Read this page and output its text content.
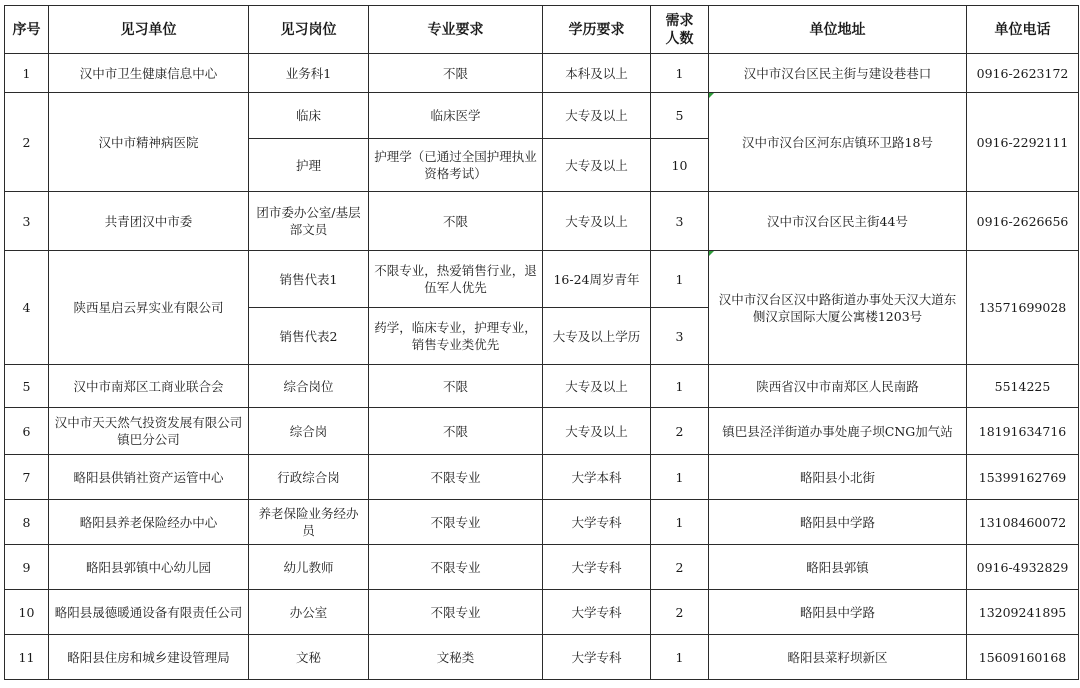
序号	见习单位	见习岗位	专业要求	学历要求	需求人数	单位地址	单位电话
1	汉中市卫生健康信息中心	业务科1	不限	本科及以上	1	汉中市汉台区民主街与建设巷巷口	0916-2623172
2	汉中市精神病医院	临床	临床医学	大专及以上	5	汉中市汉台区河东店镇环卫路18号	0916-2292111
		护理	护理学（已通过全国护理执业资格考试）	大专及以上	10		
3	共青团汉中市委	团市委办公室/基层部文员	不限	大专及以上	3	汉中市汉台区民主街44号	0916-2626656
4	陕西星启云昇实业有限公司	销售代表1	不限专业，热爱销售行业，退伍军人优先	16-24周岁青年	1	汉中市汉台区汉中路街道办事处天汉大道东侧汉京国际大厦公寓楼1203号	13571699028
		销售代表2	药学，临床专业，护理专业，销售专业类优先	大专及以上学历	3		
5	汉中市南郑区工商业联合会	综合岗位	不限	大专及以上	1	陕西省汉中市南郑区人民南路	5514225
6	汉中市天天然气投资发展有限公司镇巴分公司	综合岗	不限	大专及以上	2	镇巴县泾洋街道办事处鹿子坝CNG加气站	18191634716
7	略阳县供销社资产运管中心	行政综合岗	不限专业	大学本科	1	略阳县小北街	15399162769
8	略阳县养老保险经办中心	养老保险业务经办员	不限专业	大学专科	1	略阳县中学路	13108460072
9	略阳县郭镇中心幼儿园	幼儿教师	不限专业	大学专科	2	略阳县郭镇	0916-4932829
10	略阳县晟德暖通设备有限责任公司	办公室	不限专业	大学专科	2	略阳县中学路	13209241895
11	略阳县住房和城乡建设管理局	文秘	文秘类	大学专科	1	略阳县菜籽坝新区	15609160168
